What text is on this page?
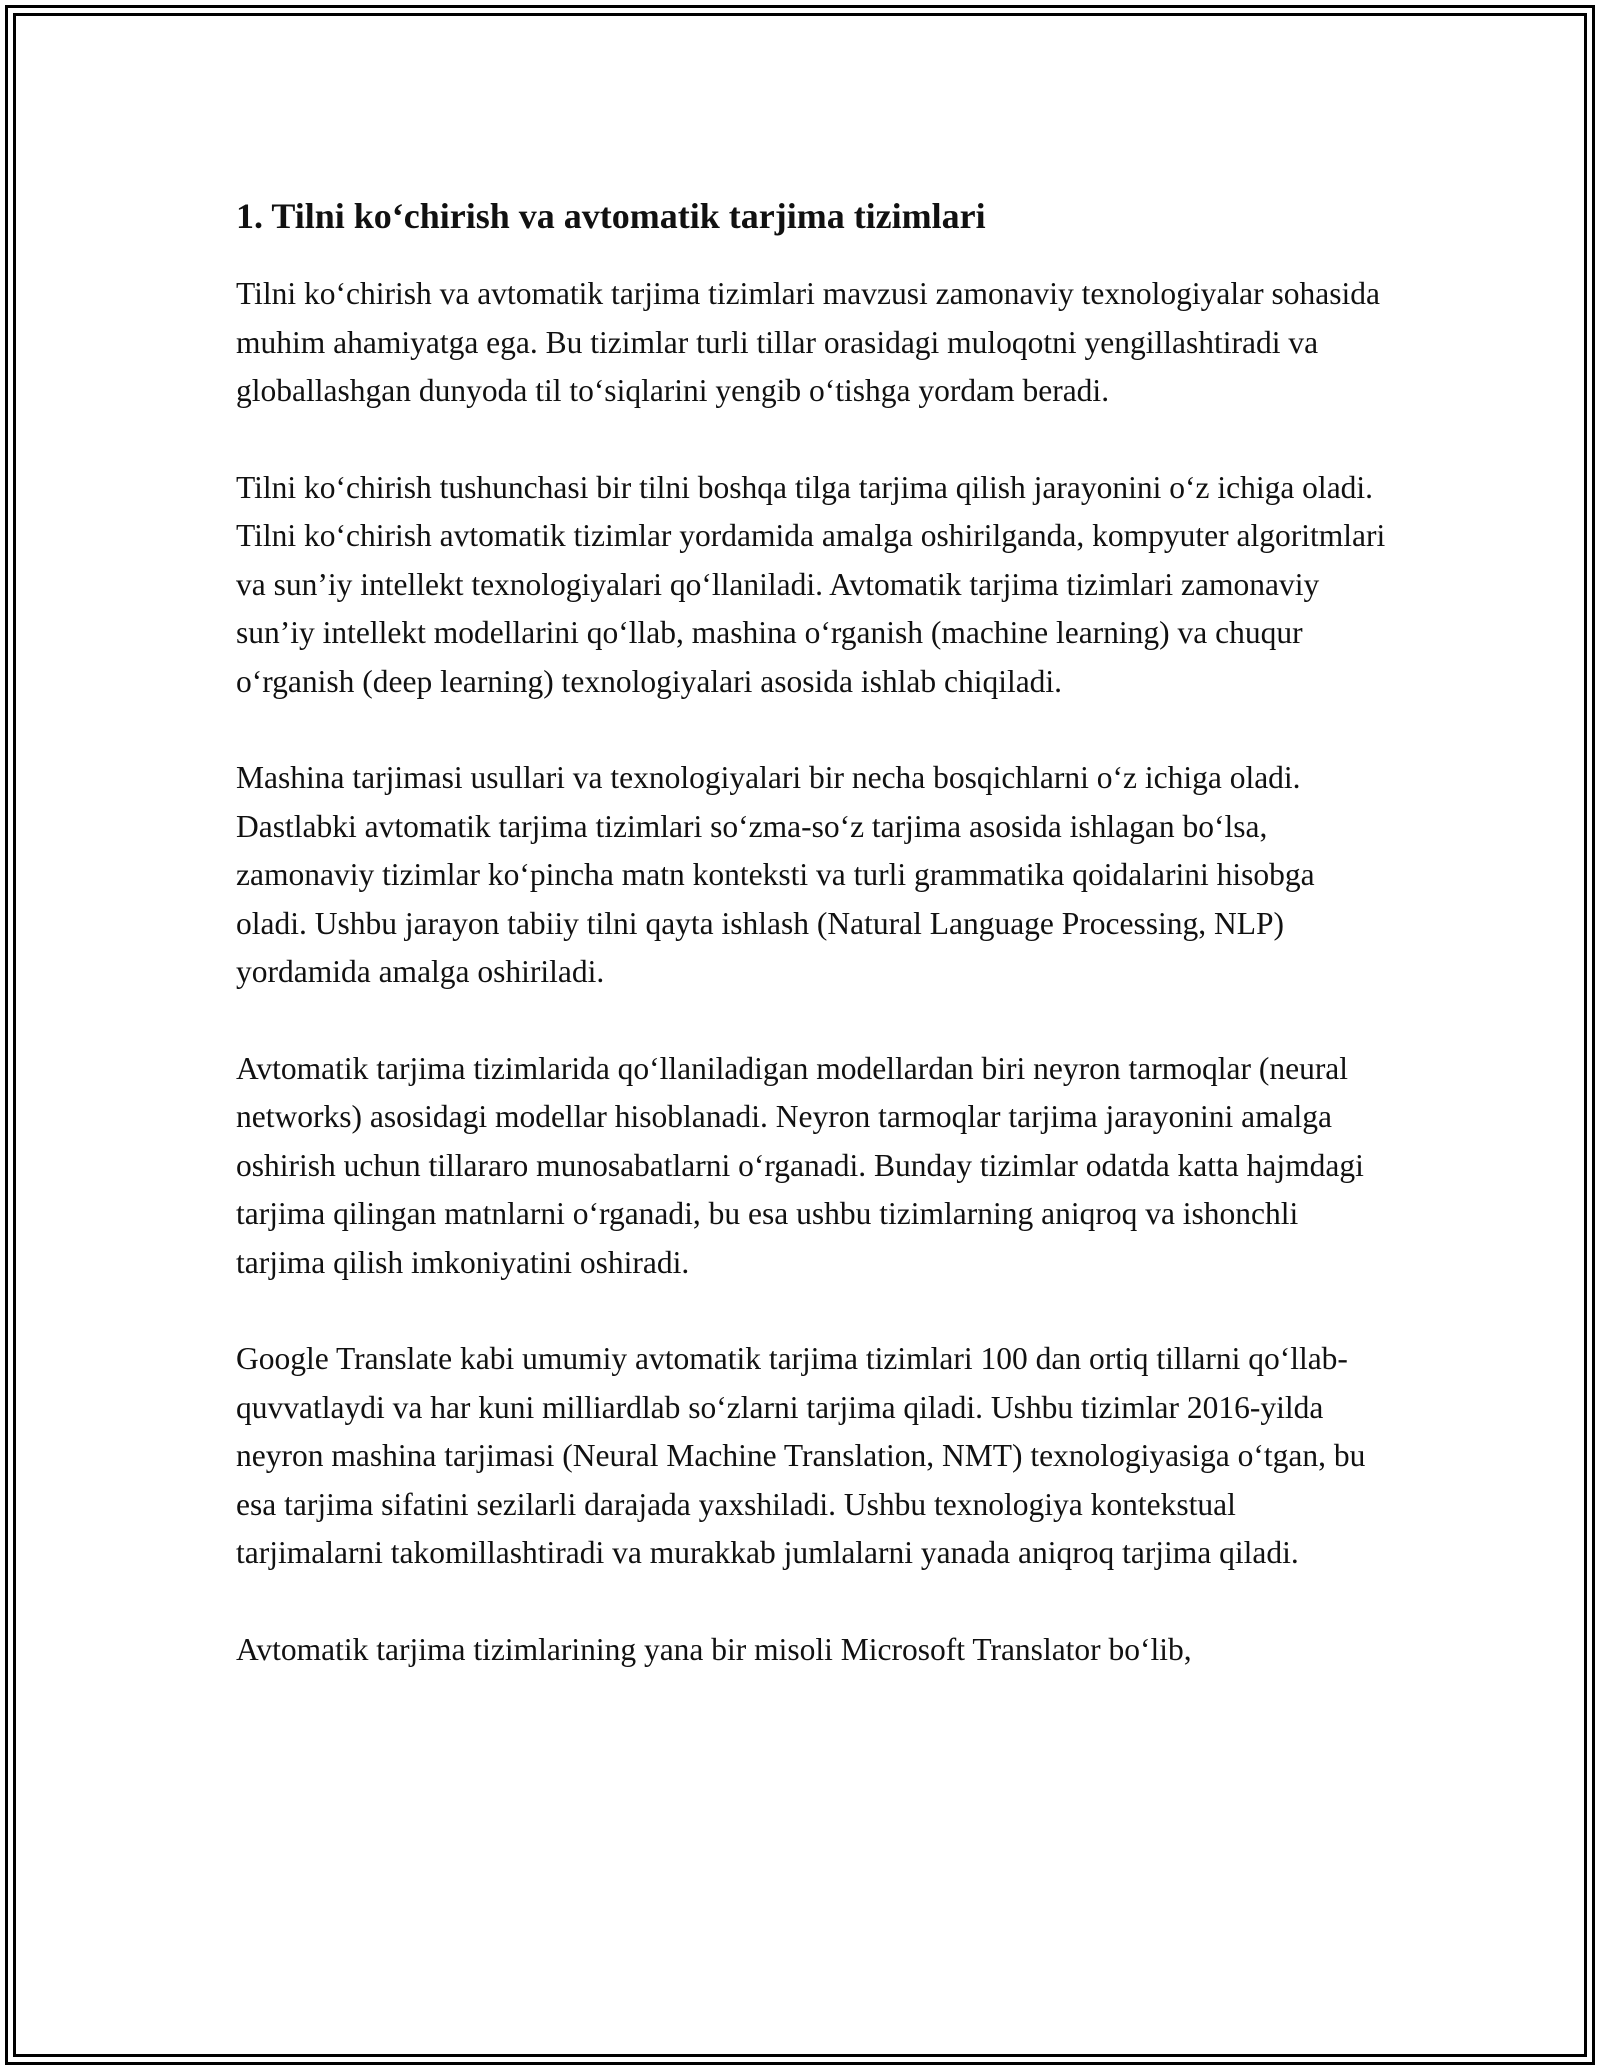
1. Tilni ko‘chirish va avtomatik tarjima tizimlari

Tilni ko‘chirish va avtomatik tarjima tizimlari mavzusi zamonaviy texnologiyalar sohasida muhim ahamiyatga ega. Bu tizimlar turli tillar orasidagi muloqotni yengillashtiradi va globallashgan dunyoda til to‘siqlarini yengib o‘tishga yordam beradi.

Tilni ko‘chirish tushunchasi bir tilni boshqa tilga tarjima qilish jarayonini o‘z ichiga oladi. Tilni ko‘chirish avtomatik tizimlar yordamida amalga oshirilganda, kompyuter algoritmlari va sun’iy intellekt texnologiyalari qo‘llaniladi. Avtomatik tarjima tizimlari zamonaviy sun’iy intellekt modellarini qo‘llab, mashina o‘rganish (machine learning) va chuqur o‘rganish (deep learning) texnologiyalari asosida ishlab chiqiladi.

Mashina tarjimasi usullari va texnologiyalari bir necha bosqichlarni o‘z ichiga oladi. Dastlabki avtomatik tarjima tizimlari so‘zma-so‘z tarjima asosida ishlagan bo‘lsa, zamonaviy tizimlar ko‘pincha matn konteksti va turli grammatika qoidalarini hisobga oladi. Ushbu jarayon tabiiy tilni qayta ishlash (Natural Language Processing, NLP) yordamida amalga oshiriladi.

Avtomatik tarjima tizimlarida qo‘llaniladigan modellardan biri neyron tarmoqlar (neural networks) asosidagi modellar hisoblanadi. Neyron tarmoqlar tarjima jarayonini amalga oshirish uchun tillararo munosabatlarni o‘rganadi. Bunday tizimlar odatda katta hajmdagi tarjima qilingan matnlarni o‘rganadi, bu esa ushbu tizimlarning aniqroq va ishonchli tarjima qilish imkoniyatini oshiradi.

Google Translate kabi umumiy avtomatik tarjima tizimlari 100 dan ortiq tillarni qo‘llab-quvvatlaydi va har kuni milliardlab so‘zlarni tarjima qiladi. Ushbu tizimlar 2016-yilda neyron mashina tarjimasi (Neural Machine Translation, NMT) texnologiyasiga o‘tgan, bu esa tarjima sifatini sezilarli darajada yaxshiladi. Ushbu texnologiya kontekstual tarjimalarni takomillashtiradi va murakkab jumlalarni yanada aniqroq tarjima qiladi.

Avtomatik tarjima tizimlarining yana bir misoli Microsoft Translator bo‘lib,
